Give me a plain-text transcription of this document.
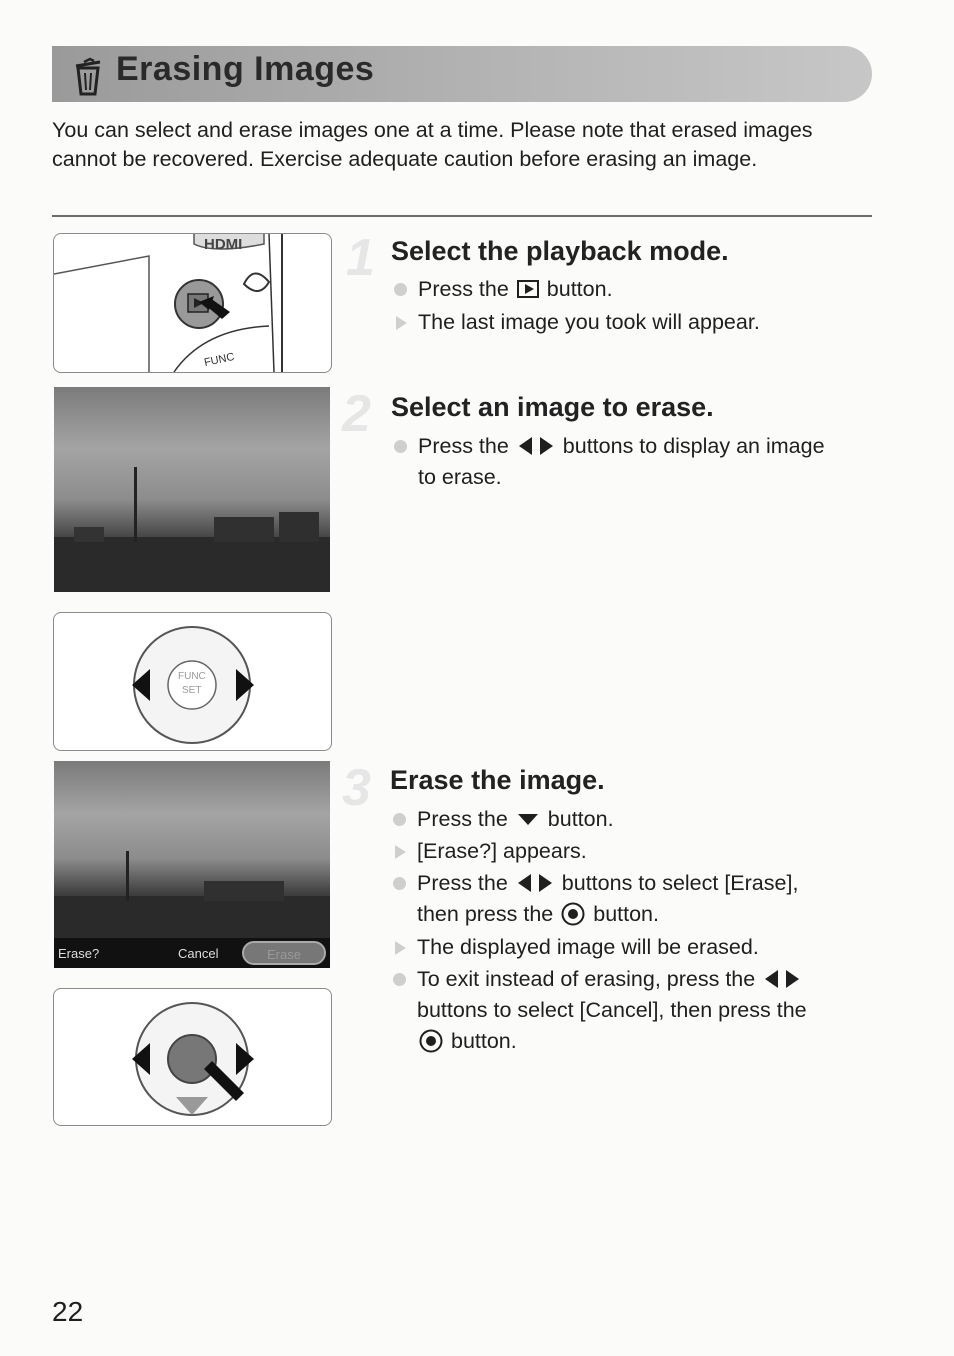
Erasing Images
You can select and erase images one at a time. Please note that erased images cannot be recovered. Exercise adequate caution before erasing an image.
HDMI
FUNC
FUNC
SET
Erase?	Cancel	Erase
1 Select the playback mode.
Press the button.
The last image you took will appear.
2 Select an image to erase.
Press the	buttons to display an image
to erase.
3 Erase the image.
Press the button.
[Erase?] appears.
Press the	buttons to select [Erase],
then press the button.
The displayed image will be erased.
To exit instead of erasing, press the
buttons to select [Cancel], then press the
button.
22
